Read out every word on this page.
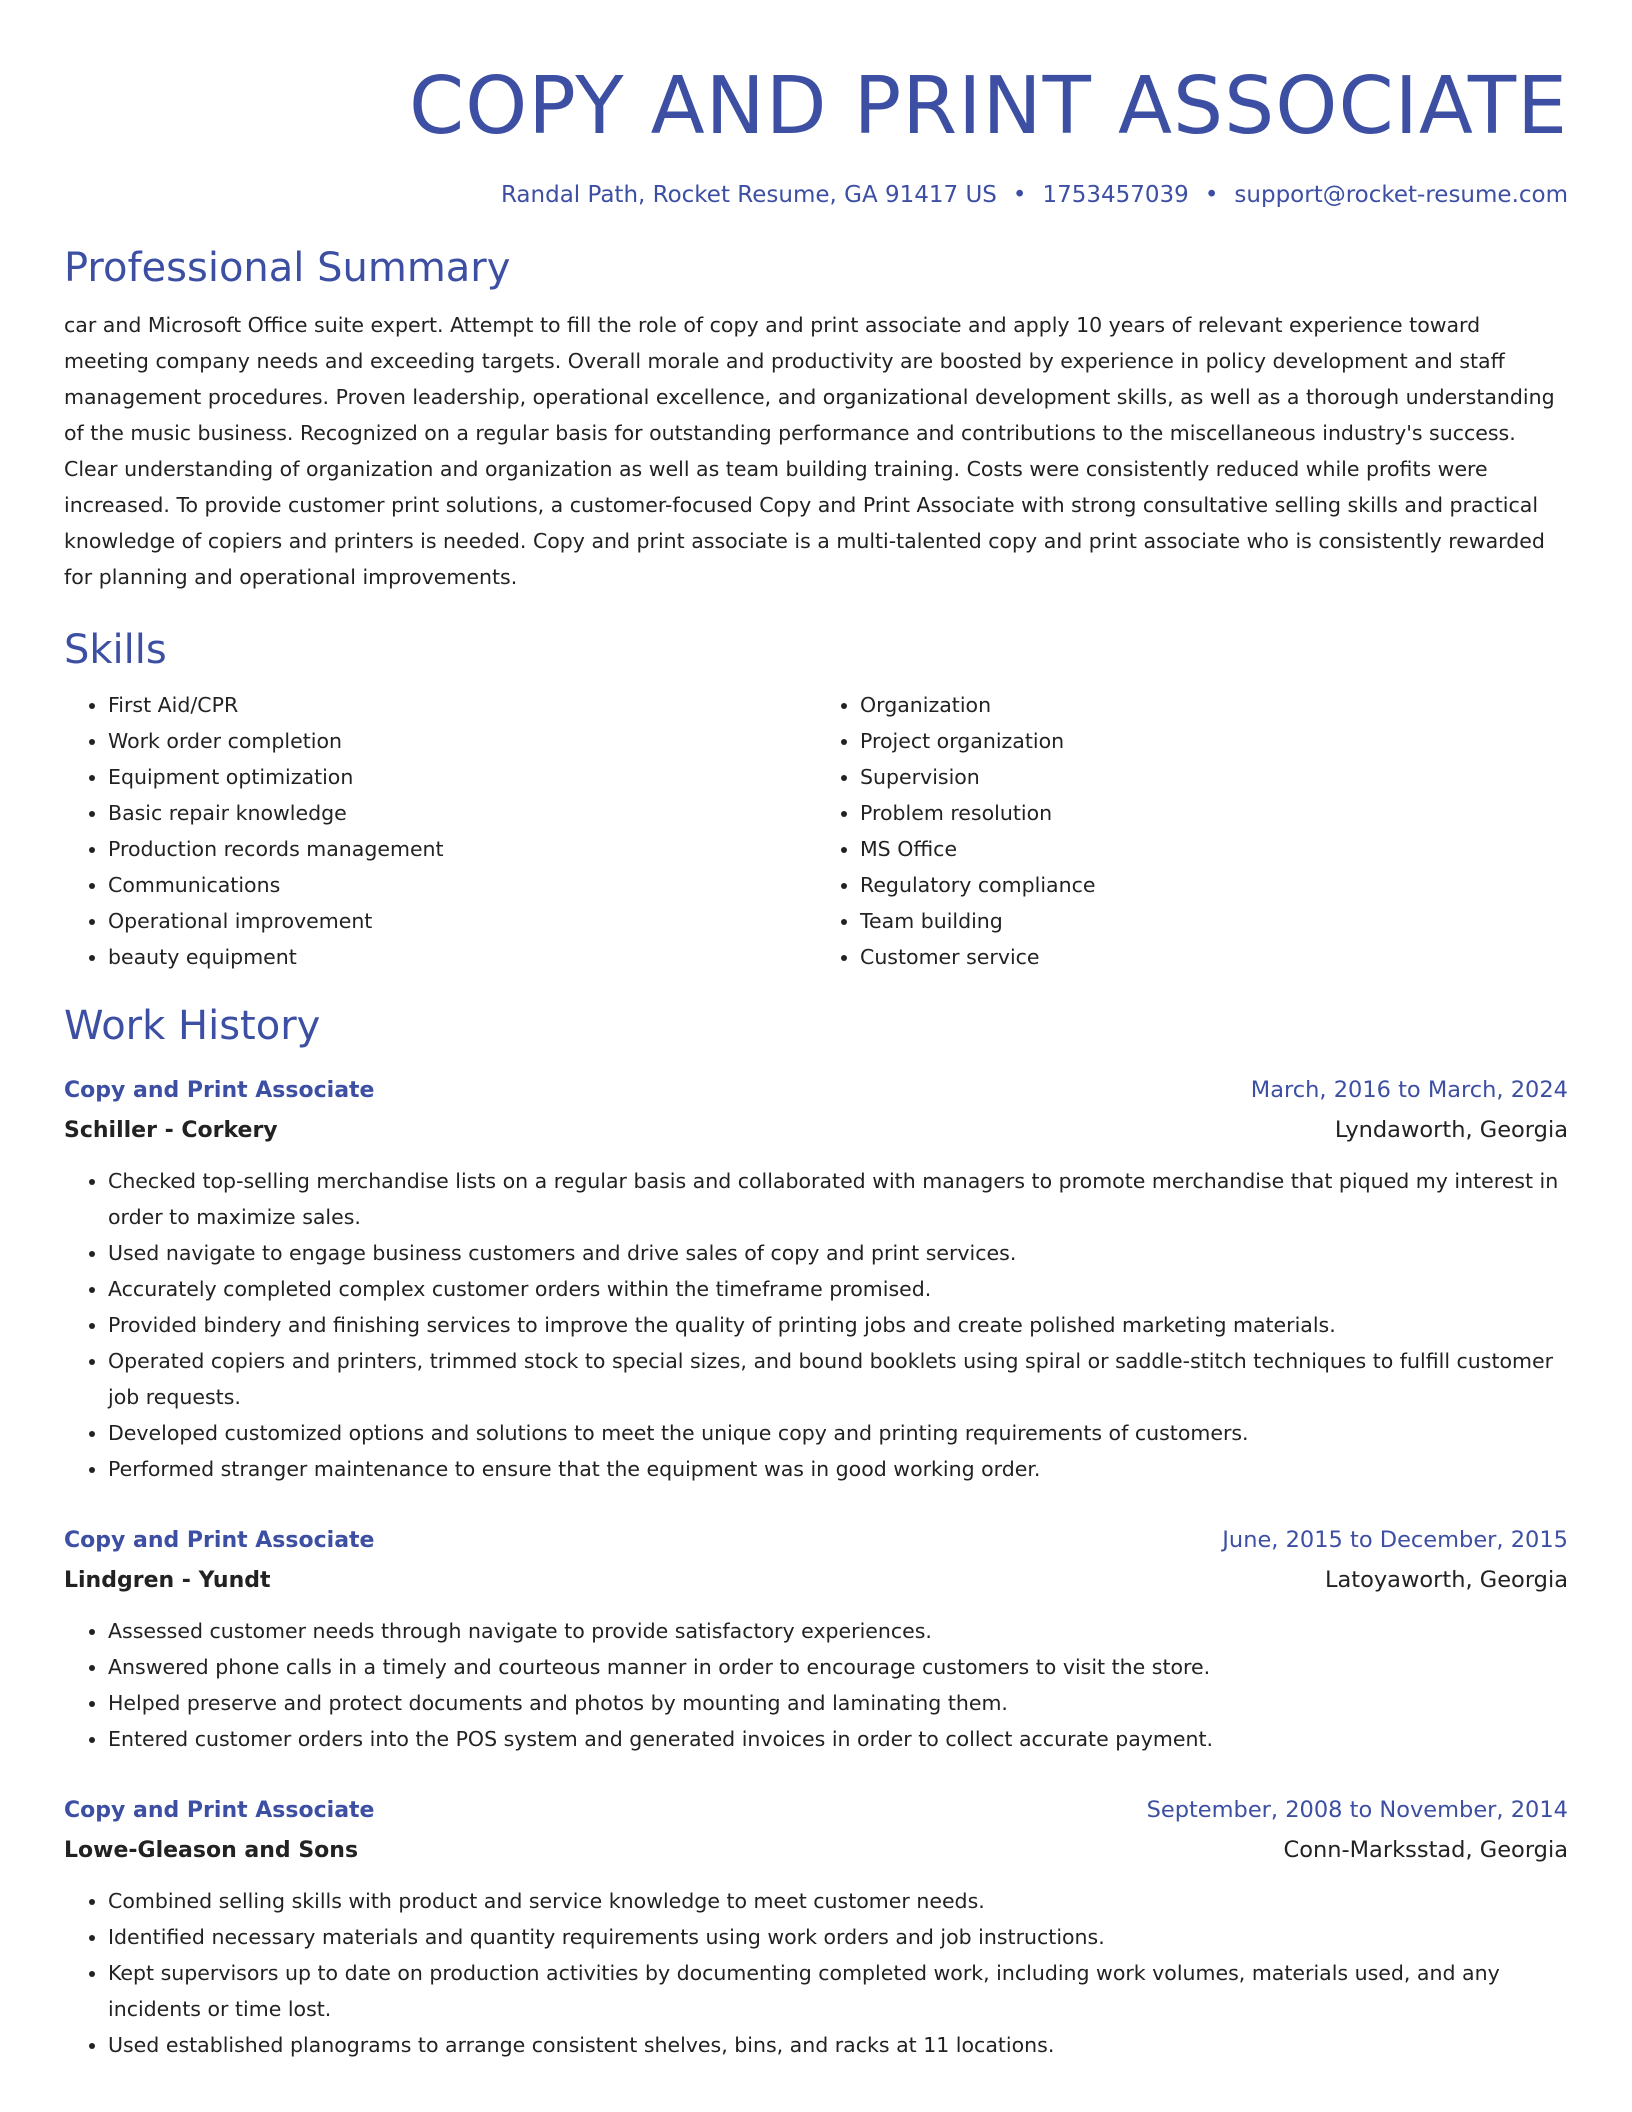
COPY AND PRINT ASSOCIATE
Randal Path, Rocket Resume, GA 91417 US • 1753457039 • support@rocket-resume.com
Professional Summary

car and Microsoft Office suite expert. Attempt to fill the role of copy and print associate and apply 10 years of relevant experience toward meeting company needs and exceeding targets. Overall morale and productivity are boosted by experience in policy development and staff management procedures. Proven leadership, operational excellence, and organizational development skills, as well as a thorough understanding of the music business. Recognized on a regular basis for outstanding performance and contributions to the miscellaneous industry's success. Clear understanding of organization and organization as well as team building training. Costs were consistently reduced while profits were increased. To provide customer print solutions, a customer-focused Copy and Print Associate with strong consultative selling skills and practical knowledge of copiers and printers is needed. Copy and print associate is a multi-talented copy and print associate who is consistently rewarded for planning and operational improvements.

Skills
• First Aid/CPR
• Work order completion
• Equipment optimization
• Basic repair knowledge
• Production records management
• Communications
• Operational improvement
• beauty equipment
• Organization
• Project organization
• Supervision
• Problem resolution
• MS Office
• Regulatory compliance
• Team building
• Customer service
Work History
Copy and Print Associate	March, 2016 to March, 2024
Schiller - Corkery	Lyndaworth, Georgia
• Checked top-selling merchandise lists on a regular basis and collaborated with managers to promote merchandise that piqued my interest in order to maximize sales.
• Used navigate to engage business customers and drive sales of copy and print services.
• Accurately completed complex customer orders within the timeframe promised.
• Provided bindery and finishing services to improve the quality of printing jobs and create polished marketing materials.
• Operated copiers and printers, trimmed stock to special sizes, and bound booklets using spiral or saddle-stitch techniques to fulfill customer job requests.
• Developed customized options and solutions to meet the unique copy and printing requirements of customers.
• Performed stranger maintenance to ensure that the equipment was in good working order.
Copy and Print Associate	June, 2015 to December, 2015
Lindgren - Yundt	Latoyaworth, Georgia
• Assessed customer needs through navigate to provide satisfactory experiences.
• Answered phone calls in a timely and courteous manner in order to encourage customers to visit the store.
• Helped preserve and protect documents and photos by mounting and laminating them.
• Entered customer orders into the POS system and generated invoices in order to collect accurate payment.
Copy and Print Associate	September, 2008 to November, 2014
Lowe-Gleason and Sons	Conn-Marksstad, Georgia
• Combined selling skills with product and service knowledge to meet customer needs.
• Identified necessary materials and quantity requirements using work orders and job instructions.
• Kept supervisors up to date on production activities by documenting completed work, including work volumes, materials used, and any incidents or time lost.
• Used established planograms to arrange consistent shelves, bins, and racks at 11 locations.
